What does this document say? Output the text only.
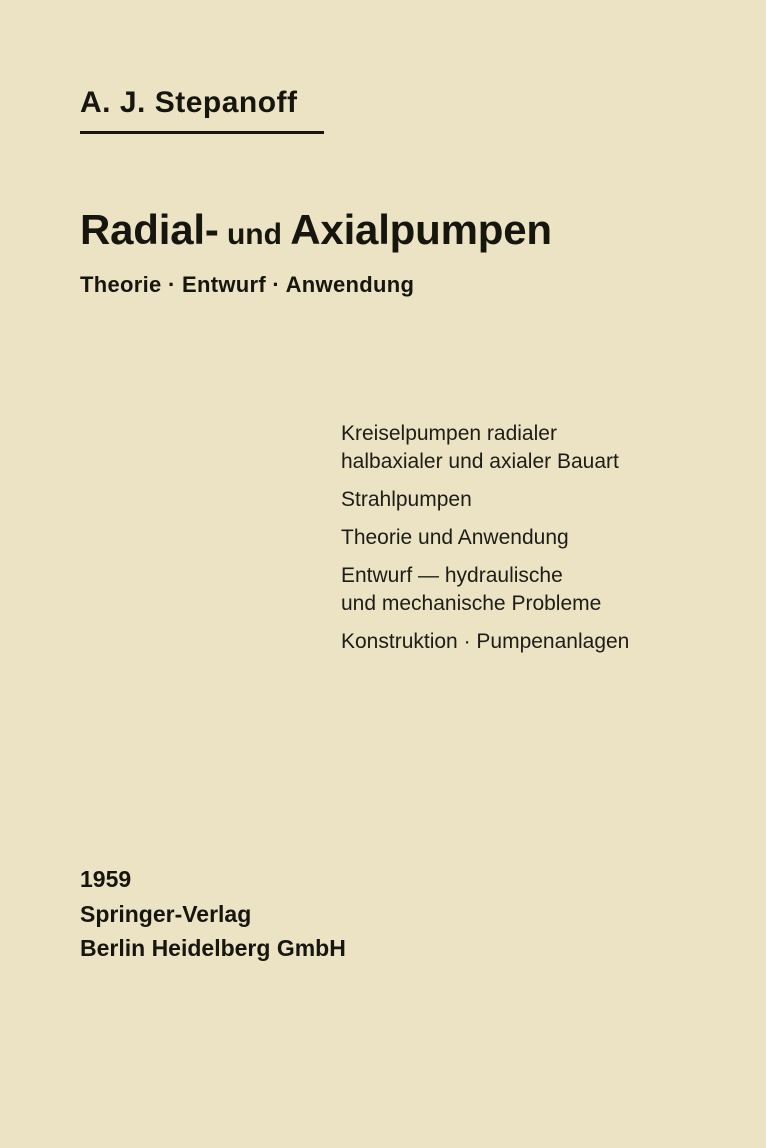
A. J. Stepanoff
Radial- und Axialpumpen
Theorie · Entwurf · Anwendung
Kreiselpumpen radialer
halbaxialer und axialer Bauart
Strahlpumpen
Theorie und Anwendung
Entwurf — hydraulische
und mechanische Probleme
Konstruktion · Pumpenanlagen
1959
Springer-Verlag
Berlin Heidelberg GmbH
